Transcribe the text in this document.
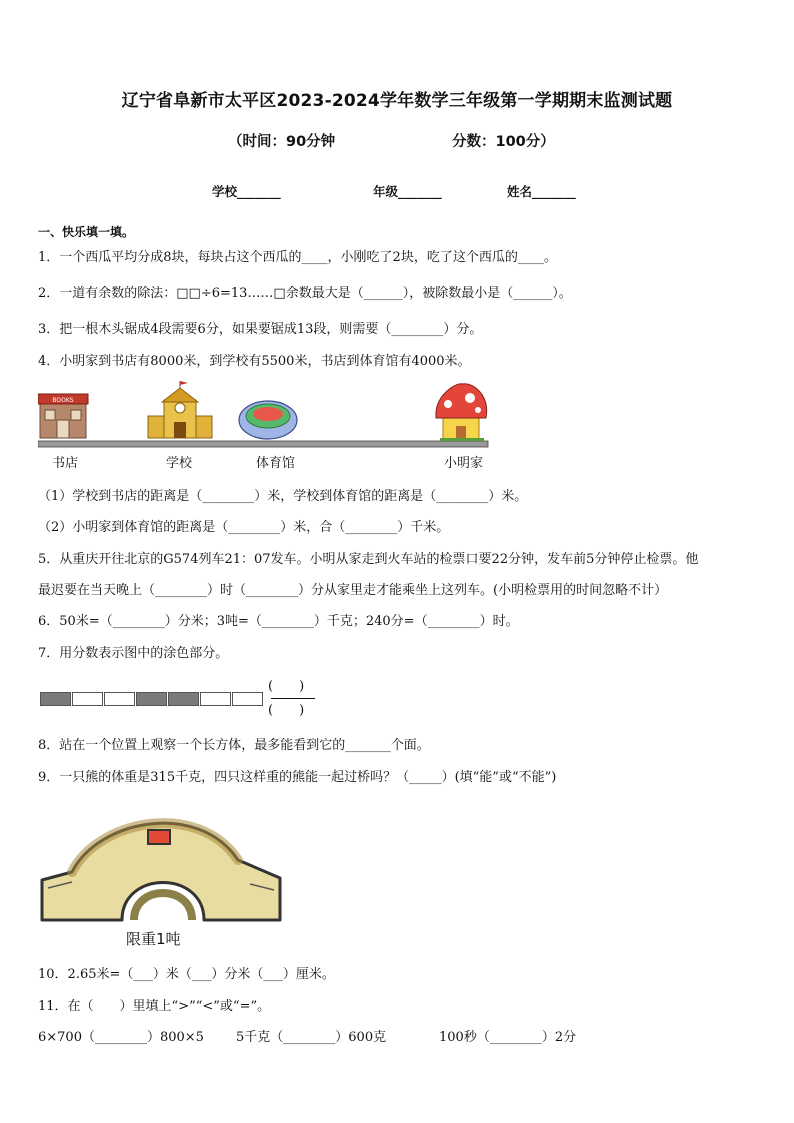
辽宁省阜新市太平区2023-2024学年数学三年级第一学期期末监测试题
（时间：90分钟	分数：100分）
学校_______	年级_______	姓名_______
一、快乐填一填。
1．一个西瓜平均分成8块，每块占这个西瓜的____，小刚吃了2块，吃了这个西瓜的____。
2．一道有余数的除法：□□÷6=13……□余数最大是（______），被除数最小是（______）。
3．把一根木头锯成4段需要6分，如果要锯成13段，则需要（________）分。
4．小明家到书店有8000米，到学校有5500米，书店到体育馆有4000米。
BOOKS
书店	学校	体育馆	小明家
（1）学校到书店的距离是（________）米，学校到体育馆的距离是（________）米。
（2）小明家到体育馆的距离是（________）米，合（________）千米。
5．从重庆开往北京的G574列车21：07发车。小明从家走到火车站的检票口要22分钟，发车前5分钟停止检票。他
最迟要在当天晚上（________）时（________）分从家里走才能乘坐上这列车。(小明检票用的时间忽略不计）
6．50米=（________）分米；3吨=（________）千克；240分=（________）时。
7．用分数表示图中的涂色部分。
(　　)
(　　)
8．站在一个位置上观察一个长方体，最多能看到它的_______个面。
9．一只熊的体重是315千克，四只这样重的熊能一起过桥吗？（_____）(填“能”或“不能”)
限重1吨
10．2.65米=（___）米（___）分米（___）厘米。
11．在（　　）里填上“>”“<”或“=”。
6×700（________）800×5 5千克（________）600克	100秒（________）2分
